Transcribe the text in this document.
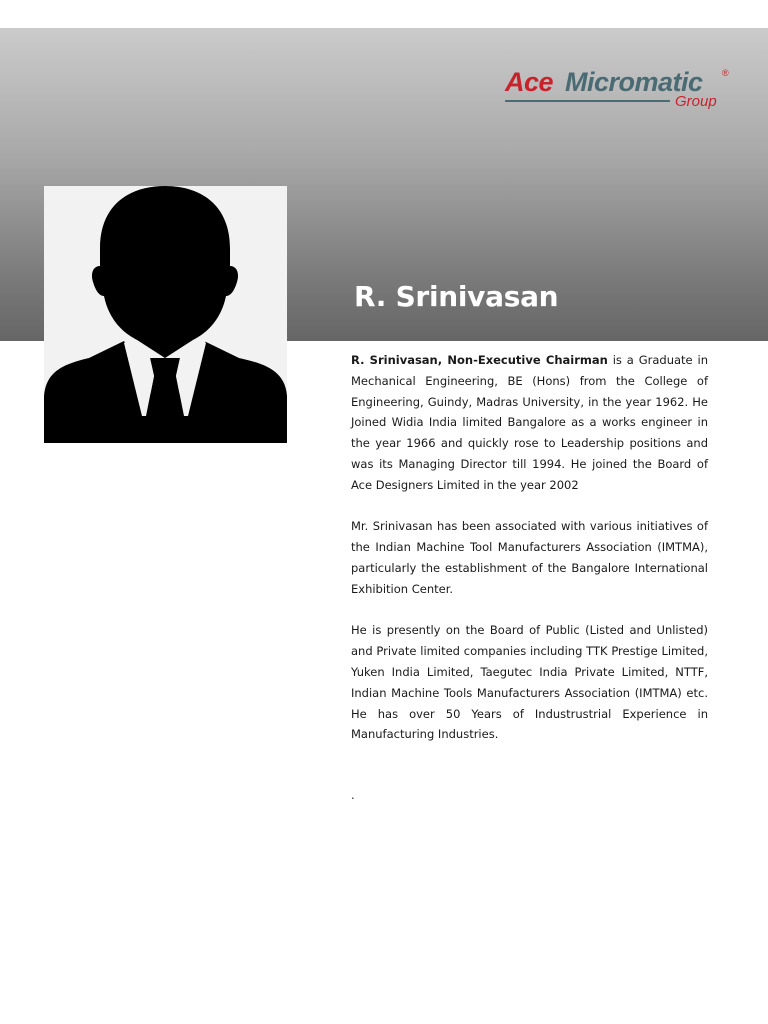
Ace Micromatic ®
Group
R. Srinivasan

R. Srinivasan, Non-Executive Chairman is a Graduate in Mechanical Engineering, BE (Hons) from the College of Engineering, Guindy, Madras University, in the year 1962. He Joined Widia India limited Bangalore as a works engineer in the year 1966 and quickly rose to Leadership positions and was its Managing Director till 1994. He joined the Board of Ace Designers Limited in the year 2002

Mr. Srinivasan has been associated with various initiatives of the Indian Machine Tool Manufacturers Association (IMTMA), particularly the establishment of the Bangalore International Exhibition Center.

He is presently on the Board of Public (Listed and Unlisted) and Private limited companies including TTK Prestige Limited, Yuken India Limited, Taegutec India Private Limited, NTTF, Indian Machine Tools Manufacturers Association (IMTMA) etc. He has over 50 Years of Industrustrial Experience in Manufacturing Industries.

.
